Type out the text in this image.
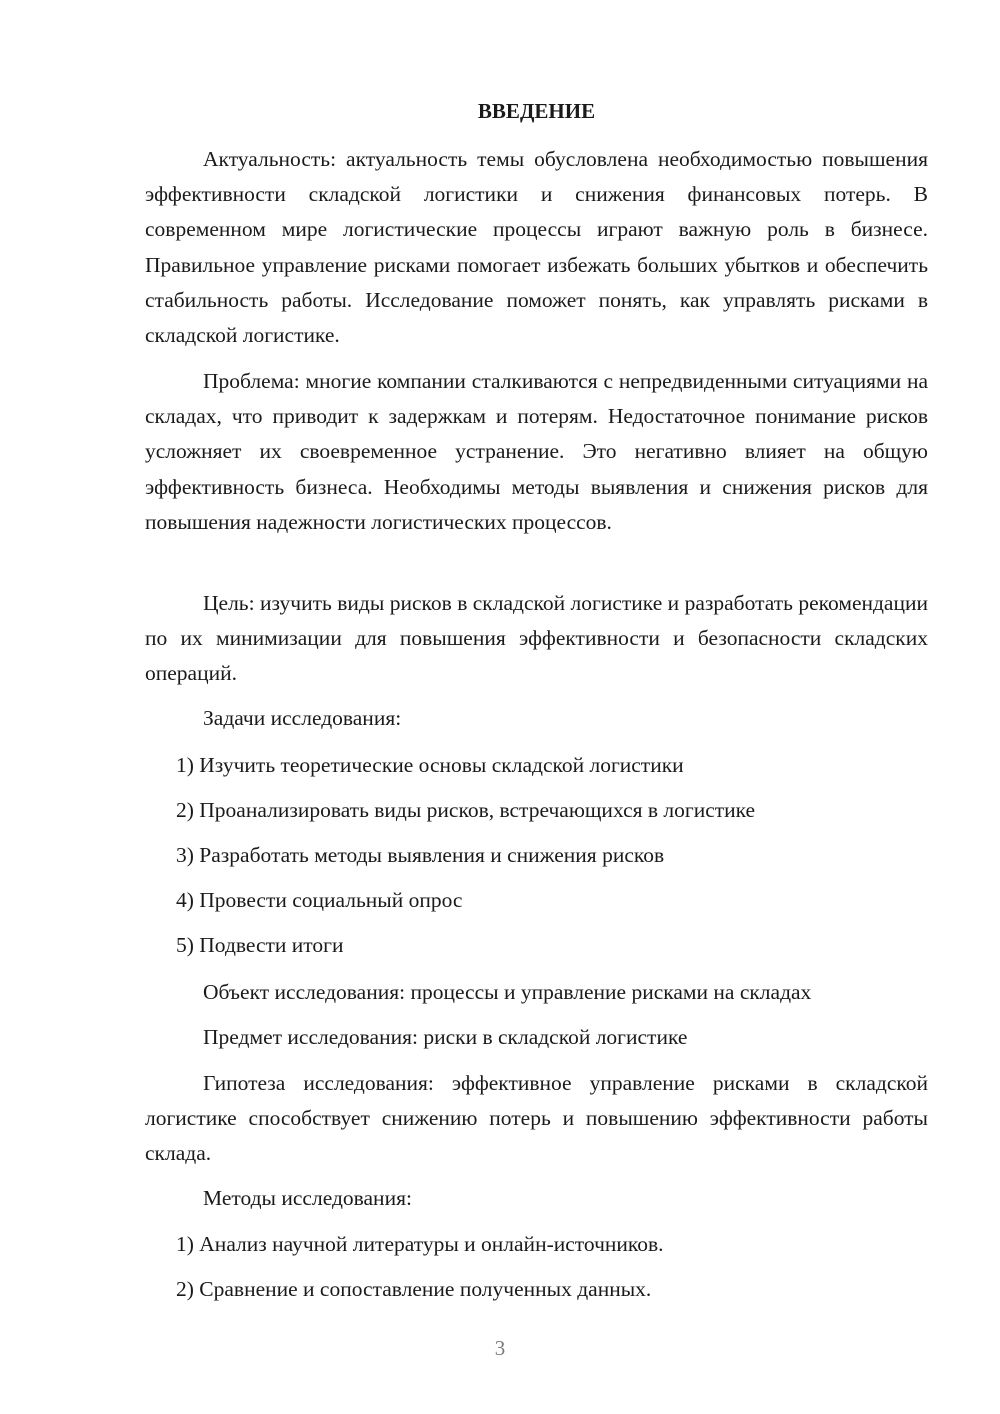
ВВЕДЕНИЕ

Актуальность: актуальность темы обусловлена необходимостью повышения эффективности складской логистики и снижения финансовых потерь. В современном мире логистические процессы играют важную роль в бизнесе. Правильное управление рисками помогает избежать больших убытков и обеспечить стабильность работы. Исследование поможет понять, как управлять рисками в складской логистике.

Проблема: многие компании сталкиваются с непредвиденными ситуациями на складах, что приводит к задержкам и потерям. Недостаточное понимание рисков усложняет их своевременное устранение. Это негативно влияет на общую эффективность бизнеса. Необходимы методы выявления и снижения рисков для повышения надежности логистических процессов.

Цель: изучить виды рисков в складской логистике и разработать рекомендации по их минимизации для повышения эффективности и безопасности складских операций.

Задачи исследования:
1) Изучить теоретические основы складской логистики
2) Проанализировать виды рисков, встречающихся в логистике
3) Разработать методы выявления и снижения рисков
4) Провести социальный опрос
5) Подвести итоги
Объект исследования: процессы и управление рисками на складах
Предмет исследования: риски в складской логистике

Гипотеза исследования: эффективное управление рисками в складской логистике способствует снижению потерь и повышению эффективности работы склада.

Методы исследования:
1) Анализ научной литературы и онлайн-источников.
2) Сравнение и сопоставление полученных данных.
3
